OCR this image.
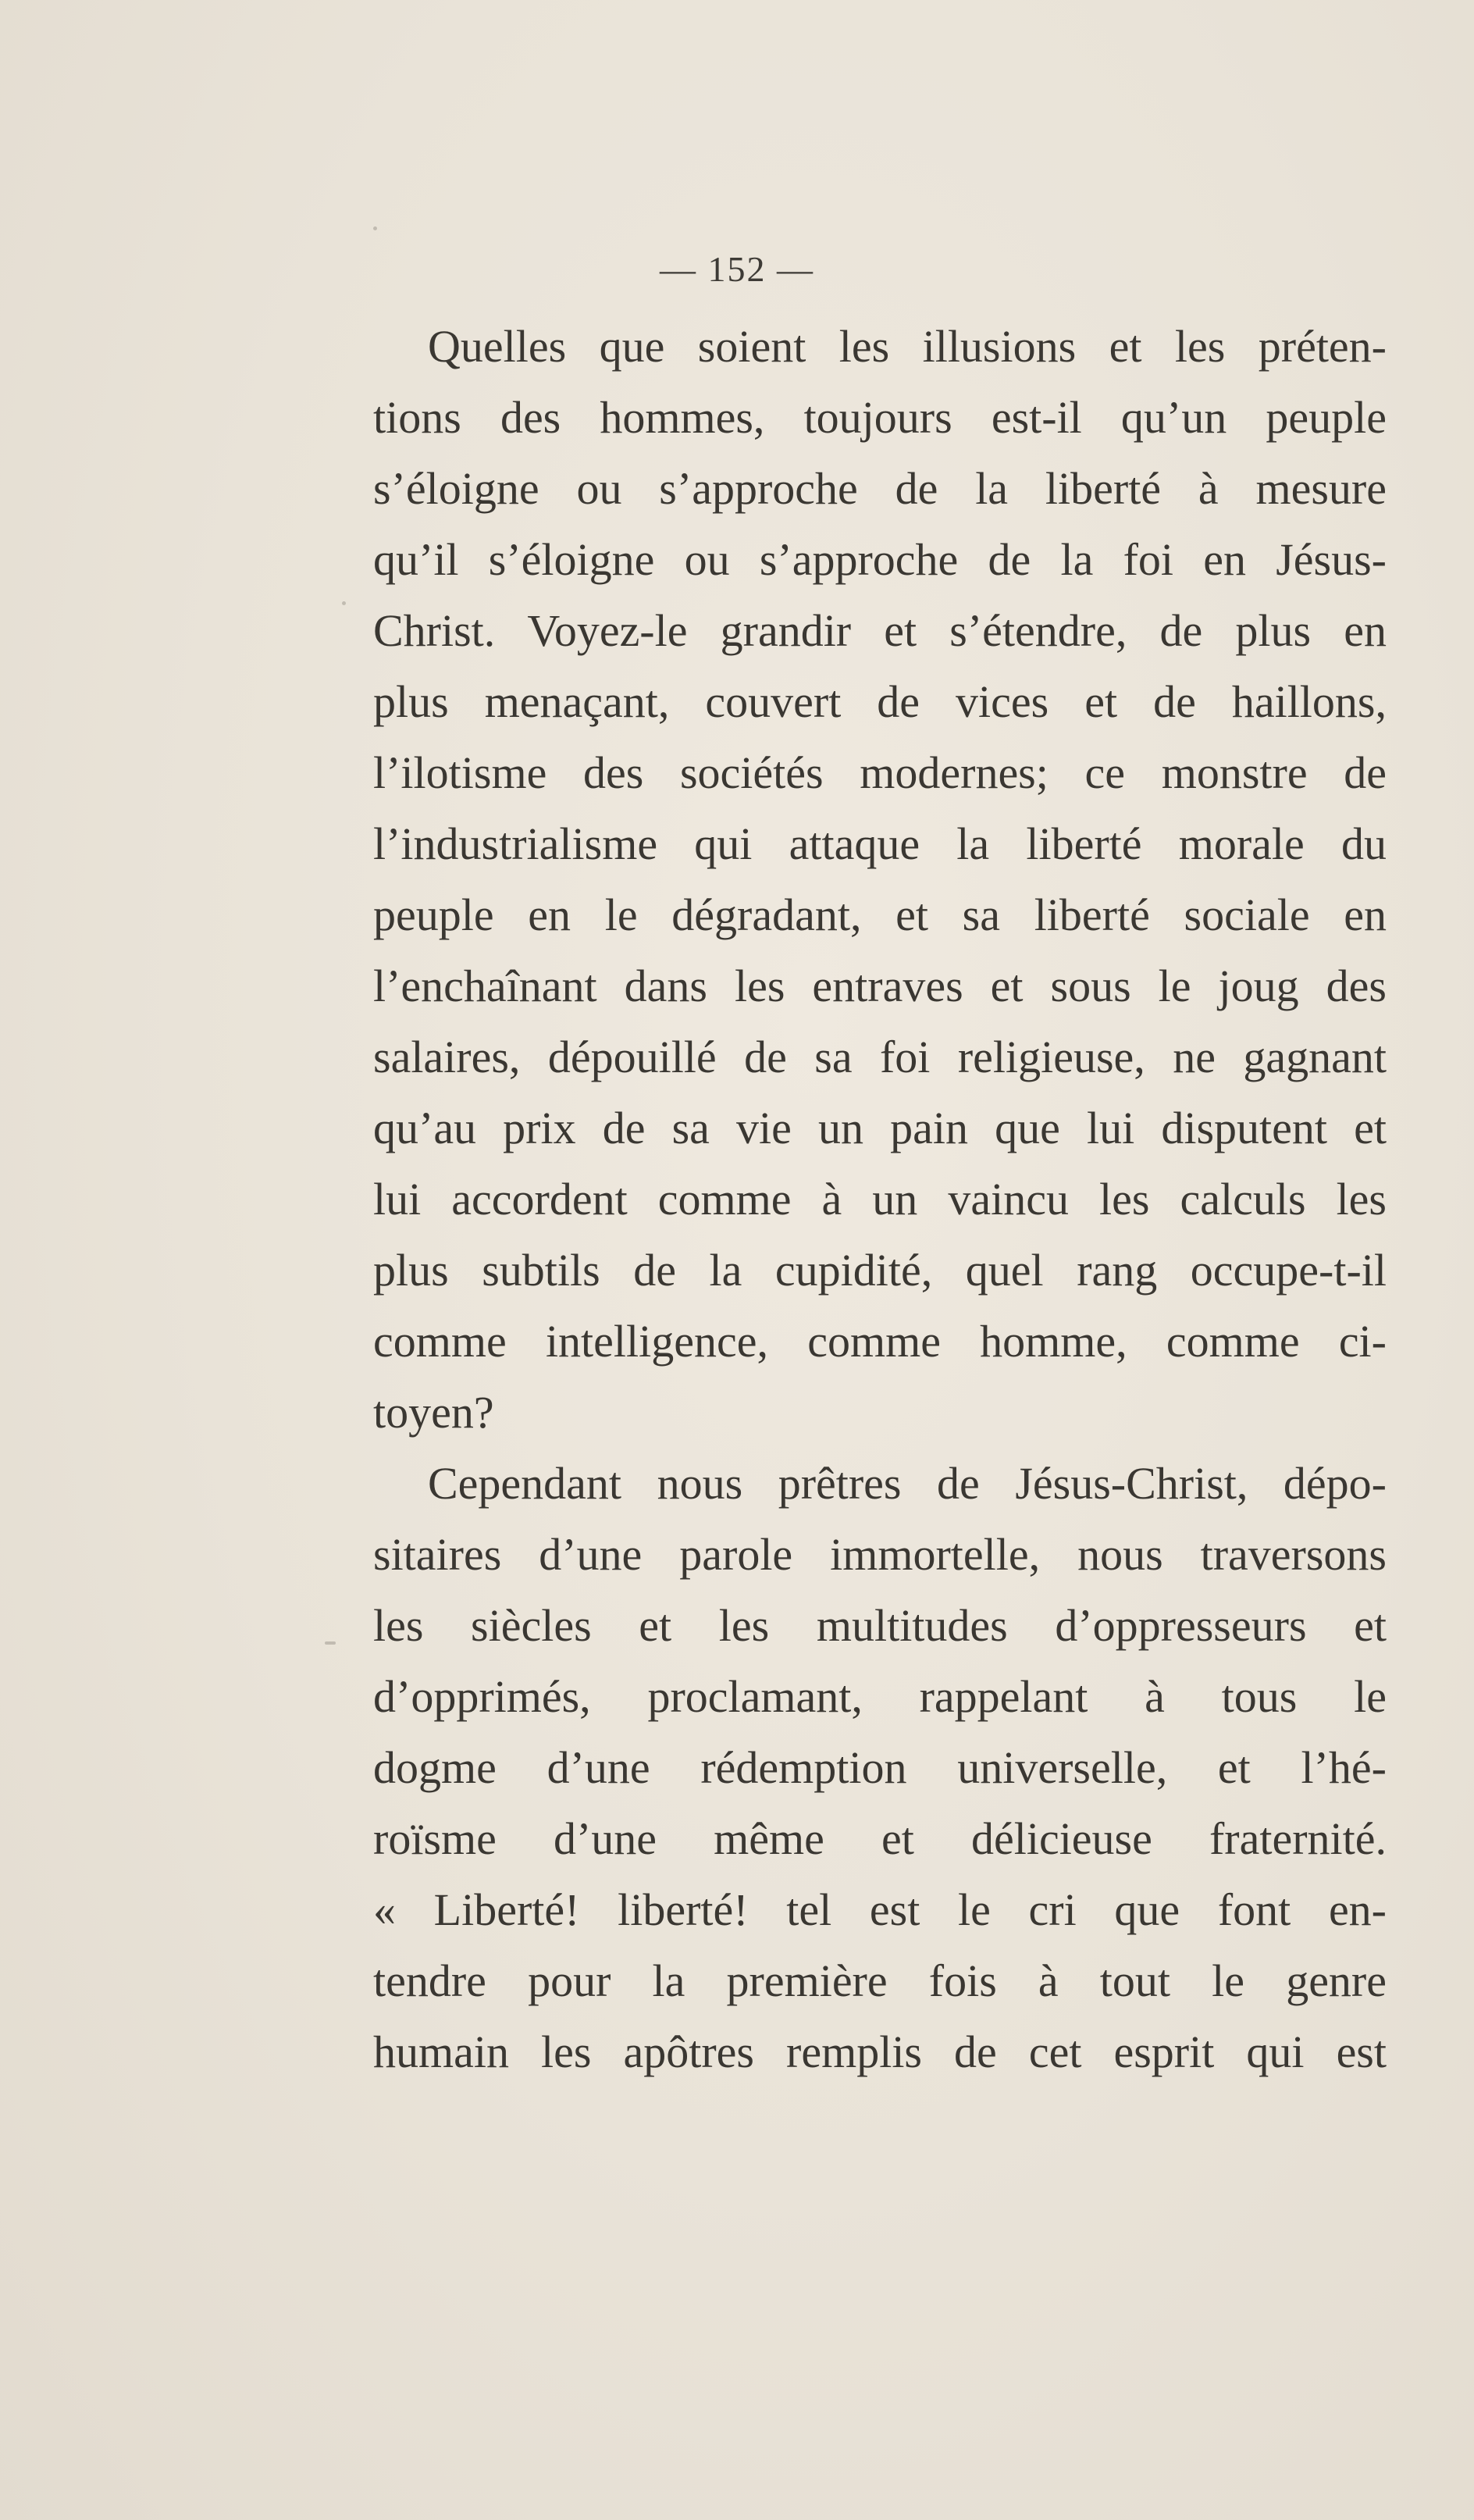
— 152 —
Quelles que soient les illusions et les préten-
tions des hommes, toujours est-il qu’un peuple
s’éloigne ou s’approche de la liberté à mesure
qu’il s’éloigne ou s’approche de la foi en Jésus-
Christ. Voyez-le grandir et s’étendre, de plus en
plus menaçant, couvert de vices et de haillons,
l’ilotisme des sociétés modernes; ce monstre de
l’industrialisme qui attaque la liberté morale du
peuple en le dégradant, et sa liberté sociale en
l’enchaînant dans les entraves et sous le joug des
salaires, dépouillé de sa foi religieuse, ne gagnant
qu’au prix de sa vie un pain que lui disputent et
lui accordent comme à un vaincu les calculs les
plus subtils de la cupidité, quel rang occupe-t-il
comme intelligence, comme homme, comme ci-
toyen?
Cependant nous prêtres de Jésus-Christ, dépo-
sitaires d’une parole immortelle, nous traversons
les siècles et les multitudes d’oppresseurs et
d’opprimés, proclamant, rappelant à tous le
dogme d’une rédemption universelle, et l’hé-
roïsme d’une même et délicieuse fraternité.
« Liberté! liberté! tel est le cri que font en-
tendre pour la première fois à tout le genre
humain les apôtres remplis de cet esprit qui est
